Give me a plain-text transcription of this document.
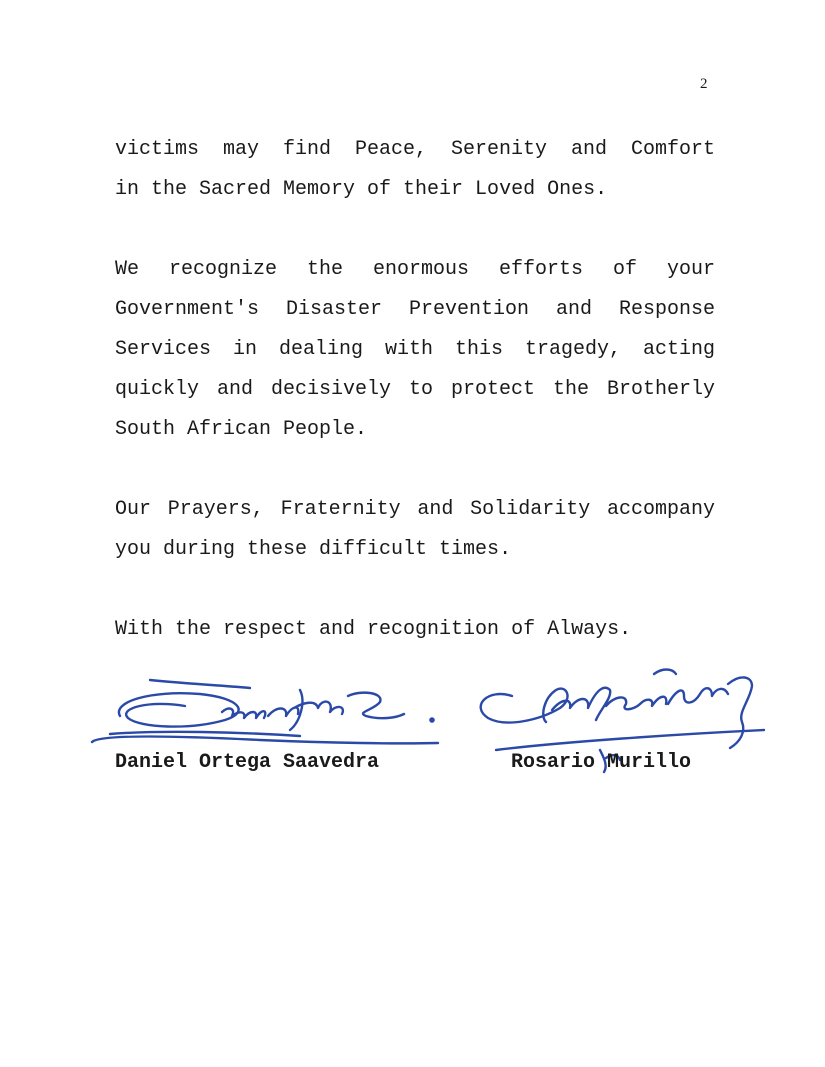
2
victims may find Peace, Serenity and Comfort
in the Sacred Memory of their Loved Ones.
We recognize the enormous efforts of your
Government's Disaster Prevention and Response
Services in dealing with this tragedy, acting
quickly and decisively to protect the Brotherly
South African People.
Our Prayers, Fraternity and Solidarity accompany
you during these difficult times.
With the respect and recognition of Always.
Daniel Ortega Saavedra	Rosario Murillo
